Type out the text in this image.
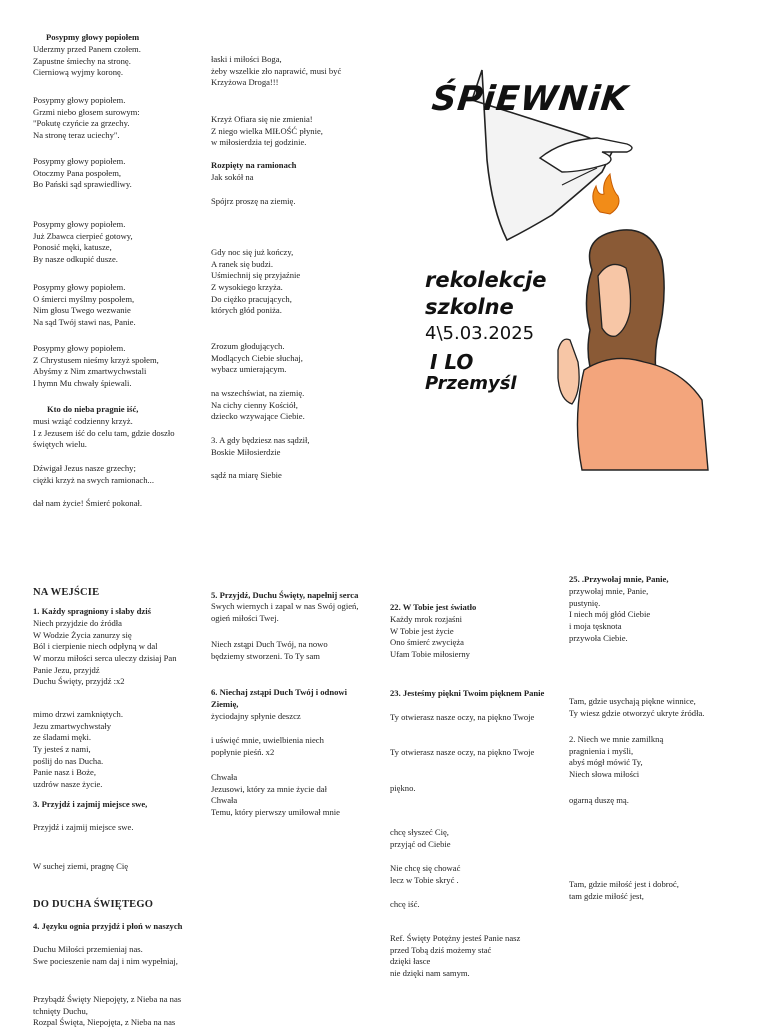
Posypmy głowy popiołem
Uderzmy przed Panem czołem.
Zapustne śmiechy na stronę.
Cierniową wyjmy koronę.
Posypmy głowy popiołem.
Grzmi niebo głosem surowym:
"Pokutę czyńcie za grzechy.
Na stronę teraz uciechy".
Posypmy głowy popiołem.
Otoczmy Pana pospołem,
Bo Pański sąd sprawiedliwy.
Posypmy głowy popiołem.
Już Zbawca cierpieć gotowy,
Ponosić męki, katusze,
By nasze odkupić dusze.
Posypmy głowy popiołem.
O śmierci myślmy pospołem,
Nim głosu Twego wezwanie
Na sąd Twój stawi nas, Panie.
Posypmy głowy popiołem.
Z Chrystusem nieśmy krzyż społem,
Abyśmy z Nim zmartwychwstali
I hymn Mu chwały śpiewali.
Kto do nieba pragnie iść,
musi wziąć codzienny krzyż.
I z Jezusem iść do celu tam, gdzie doszło
świętych wielu.
Dźwigał Jezus nasze grzechy;
ciężki krzyż na swych ramionach...
dał nam życie! Śmierć pokonał.
łaski i miłości Boga,
żeby wszelkie zło naprawić, musi być
Krzyżowa Droga!!!
Krzyż Ofiara się nie zmienia!
Z niego wielka MIŁOŚĆ płynie,
w miłosierdzia tej godzinie.
Rozpięty na ramionach
Jak sokół na
Spójrz proszę na ziemię.
Gdy noc się już kończy,
A ranek się budzi.
Uśmiechnij się przyjaźnie
Z wysokiego krzyża.
Do ciężko pracujących,
których głód poniża.
Zrozum głodujących.
Modlących Ciebie słuchaj,
wybacz umierającym.
na wszechświat, na ziemię.
Na cichy cienny Kościół,
dziecko wzywające Ciebie.
3. A gdy będziesz nas sądził,
Boskie Miłosierdzie
sądź na miarę Siebie
ŚPiEWNiK
rekolekcje
szkolne
4\5.03.2025
I LO
Przemyśl
NA WEJŚCIE
1. Każdy spragniony i słaby dziś
Niech przyjdzie do źródła
W Wodzie Życia zanurzy się
Ból i cierpienie niech odpłyną w dal
W morzu miłości serca uleczy dzisiaj Pan
Panie Jezu, przyjdź
Duchu Święty, przyjdź :x2
mimo drzwi zamkniętych.
Jezu zmartwychwstały
ze śladami męki.
Ty jesteś z nami,
poślij do nas Ducha.
Panie nasz i Boże,
uzdrów nasze życie.
3. Przyjdź i zajmij miejsce swe,
Przyjdź i zajmij miejsce swe.
W suchej ziemi, pragnę Cię
DO DUCHA ŚWIĘTEGO
4. Języku ognia przyjdź i płoń w naszych
Duchu Miłości przemieniaj nas.
Swe pocieszenie nam daj i nim wypełniaj,
Przybądź Święty Niepojęty, z Nieba na nas
tchnięty Duchu,
Rozpal Święta, Niepojęta, z Nieba na nas
5. Przyjdź, Duchu Święty, napełnij serca
Swych wiernych i zapal w nas Swój ogień,
ogień miłości Twej.
Niech zstąpi Duch Twój, na nowo
będziemy stworzeni. To Ty sam
6. Niechaj zstąpi Duch Twój i odnowi
Ziemię,
życiodajny spłynie deszcz
i uświęć mnie, uwielbienia niech
popłynie pieśń. x2
Chwała
Jezusowi, który za mnie życie dał
Chwała
Temu, który pierwszy umiłował mnie
22. W Tobie jest światło
Każdy mrok rozjaśni
W Tobie jest życie
Ono śmierć zwycięża
Ufam Tobie miłosierny
23. Jesteśmy piękni Twoim pięknem Panie
Ty otwierasz nasze oczy, na piękno Twoje
Ty otwierasz nasze oczy, na piękno Twoje
piękno.
chcę słyszeć Cię,
przyjąć od Ciebie
Nie chcę się chować
lecz w Tobie skryć .
chcę iść.
Ref. Święty Potężny jesteś Panie nasz
przed Tobą dziś możemy stać
dzięki łasce
nie dzięki nam samym.
25. .Przywołaj mnie, Panie,
przywołaj mnie, Panie,
pustynię.
I niech mój głód Ciebie
i moja tęsknota
przywoła Ciebie.
Tam, gdzie usychają piękne winnice,
Ty wiesz gdzie otworzyć ukryte źródła.
2. Niech we mnie zamilkną
pragnienia i myśli,
abyś mógł mówić Ty,
Niech słowa miłości
ogarną duszę mą.
Tam, gdzie miłość jest i dobroć,
tam gdzie miłość jest,
